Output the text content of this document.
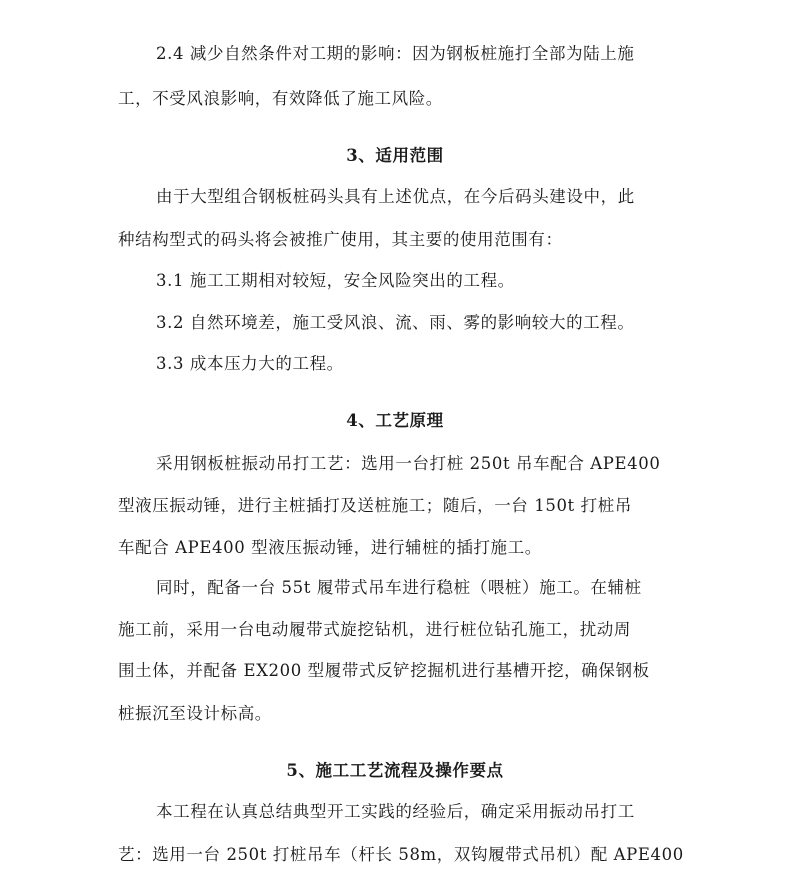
2.4 减少自然条件对工期的影响：因为钢板桩施打全部为陆上施
工，不受风浪影响，有效降低了施工风险。
3、适用范围
由于大型组合钢板桩码头具有上述优点，在今后码头建设中，此
种结构型式的码头将会被推广使用，其主要的使用范围有：
3.1 施工工期相对较短，安全风险突出的工程。
3.2 自然环境差，施工受风浪、流、雨、雾的影响较大的工程。
3.3 成本压力大的工程。
4、工艺原理
采用钢板桩振动吊打工艺：选用一台打桩 250t 吊车配合 APE400
型液压振动锤，进行主桩插打及送桩施工；随后，一台 150t 打桩吊
车配合 APE400 型液压振动锤，进行辅桩的插打施工。
同时，配备一台 55t 履带式吊车进行稳桩（喂桩）施工。在辅桩
施工前，采用一台电动履带式旋挖钻机，进行桩位钻孔施工，扰动周
围土体，并配备 EX200 型履带式反铲挖掘机进行基槽开挖，确保钢板
桩振沉至设计标高。
5、施工工艺流程及操作要点
本工程在认真总结典型开工实践的经验后，确定采用振动吊打工
艺：选用一台 250t 打桩吊车（杆长 58m，双钩履带式吊机）配 APE400
